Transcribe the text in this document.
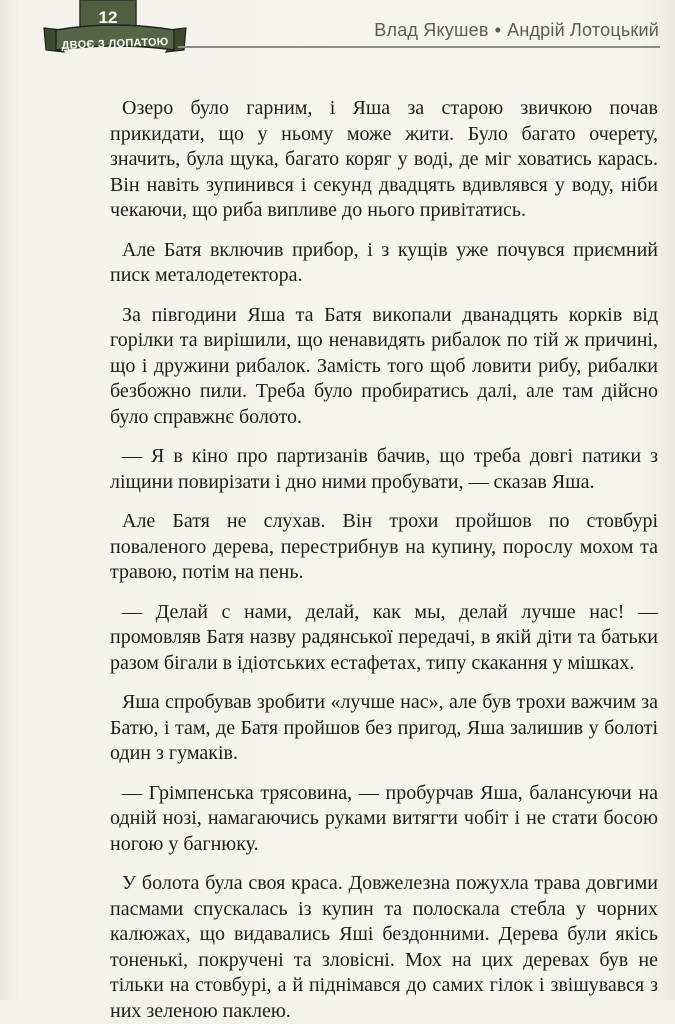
12
ДВОЄ З ЛОПАТОЮ
Влад Якушев • Андрій Лотоцький

Озеро було гарним, і Яша за старою звичкою почав прикидати, що у ньому може жити. Було багато очерету, значить, була щука, багато коряг у воді, де міг ховатись карась. Він навіть зупинився і секунд двадцять вдивлявся у воду, ніби чекаючи, що риба випливе до нього привітатись.

Але Батя включив прибор, і з кущів уже почувся приємний писк металодетектора.

За півгодини Яша та Батя викопали дванадцять корків від горілки та вирішили, що ненавидять рибалок по тій ж причині, що і дружини рибалок. Замість того щоб ловити рибу, рибалки безбожно пили. Треба було пробиратись далі, але там дійсно було справжнє болото.

— Я в кіно про партизанів бачив, що треба довгі патики з ліщини повирізати і дно ними пробувати, — сказав Яша.

Але Батя не слухав. Він трохи пройшов по стовбурі поваленого дерева, перестрибнув на купину, порослу мохом та травою, потім на пень.

— Делай с нами, делай, как мы, делай лучше нас! — промовляв Батя назву радянської передачі, в якій діти та батьки разом бігали в ідіотських естафетах, типу скакання у мішках.

Яша спробував зробити «лучше нас», але був трохи важчим за Батю, і там, де Батя пройшов без пригод, Яша залишив у болоті один з гумаків.

— Грімпенська трясовина, — пробурчав Яша, балансуючи на одній нозі, намагаючись руками витягти чобіт і не стати босою ногою у багнюку.

У болота була своя краса. Довжелезна пожухла трава довгими пасмами спускалась із купин та полоскала стебла у чорних калюжах, що видавались Яші бездонними. Дерева були якісь тоненькі, покручені та зловісні. Мох на цих деревах був не тільки на стовбурі, а й піднімався до самих гілок і звішувався з них зеленою паклею.
